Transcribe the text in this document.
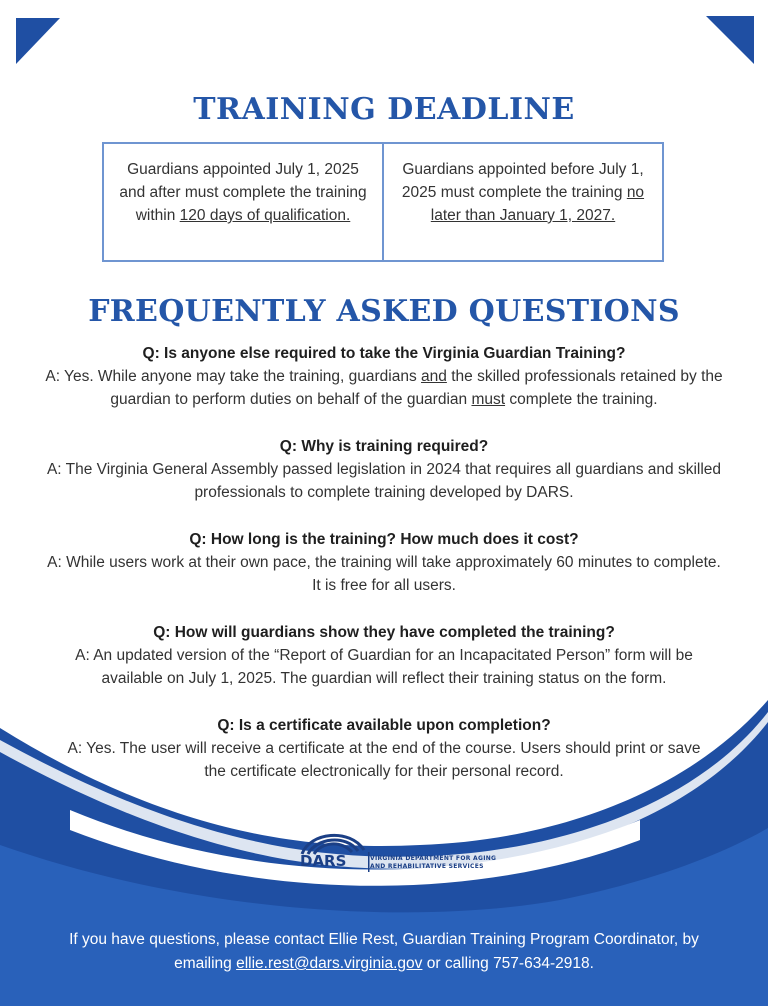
TRAINING DEADLINE
Guardians appointed July 1, 2025 and after must complete the training within 120 days of qualification.
Guardians appointed before July 1, 2025 must complete the training no later than January 1, 2027.
FREQUENTLY ASKED QUESTIONS
Q: Is anyone else required to take the Virginia Guardian Training?
A: Yes. While anyone may take the training, guardians and the skilled professionals retained by the guardian to perform duties on behalf of the guardian must complete the training.
Q: Why is training required?
A: The Virginia General Assembly passed legislation in 2024 that requires all guardians and skilled professionals to complete training developed by DARS.
Q: How long is the training? How much does it cost?
A: While users work at their own pace, the training will take approximately 60 minutes to complete. It is free for all users.
Q: How will guardians show they have completed the training?
A: An updated version of the “Report of Guardian for an Incapacitated Person” form will be available on July 1, 2025. The guardian will reflect their training status on the form.
Q: Is a certificate available upon completion?
A: Yes. The user will receive a certificate at the end of the course. Users should print or save the certificate electronically for their personal record.
DARS	VIRGINIA DEPARTMENT FOR AGING AND REHABILITATIVE SERVICES
If you have questions, please contact Ellie Rest, Guardian Training Program Coordinator, by emailing ellie.rest@dars.virginia.gov or calling 757-634-2918.
